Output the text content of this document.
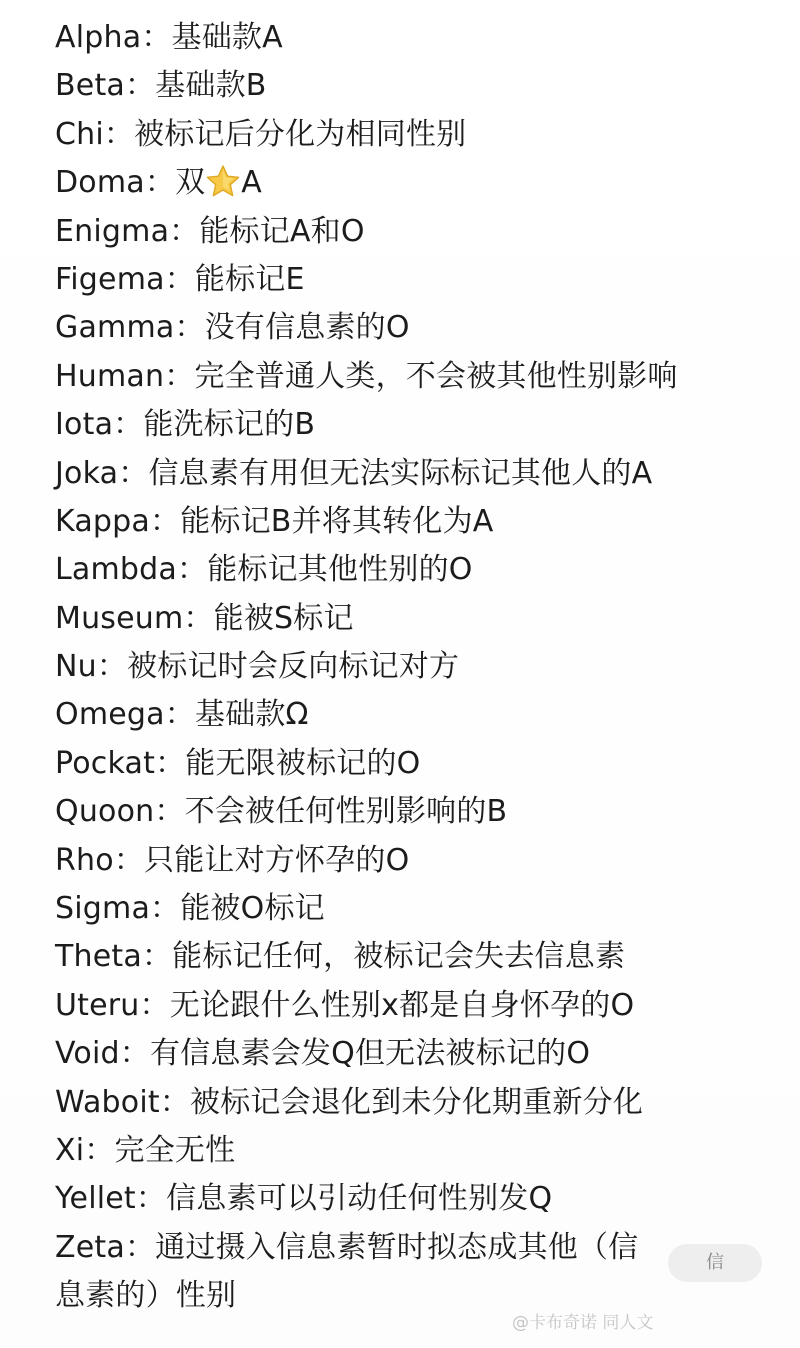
Alpha：基础款A
Beta：基础款B
Chi：被标记后分化为相同性别
Doma：双 A
Enigma：能标记A和O
Figema：能标记E
Gamma：没有信息素的O
Human：完全普通人类，不会被其他性别影响
Iota：能洗标记的B
Joka：信息素有用但无法实际标记其他人的A
Kappa：能标记B并将其转化为A
Lambda：能标记其他性别的O
Museum：能被S标记
Nu：被标记时会反向标记对方
Omega：基础款Ω
Pockat：能无限被标记的O
Quoon：不会被任何性别影响的B
Rho：只能让对方怀孕的O
Sigma：能被O标记
Theta：能标记任何，被标记会失去信息素
Uteru：无论跟什么性别x都是自身怀孕的O
Void：有信息素会发Q但无法被标记的O
Waboit：被标记会退化到未分化期重新分化
Xi：完全无性
Yellet：信息素可以引动任何性别发Q
Zeta：通过摄入信息素暂时拟态成其他（信
息素的）性别
信
@卡布奇诺 同人文
